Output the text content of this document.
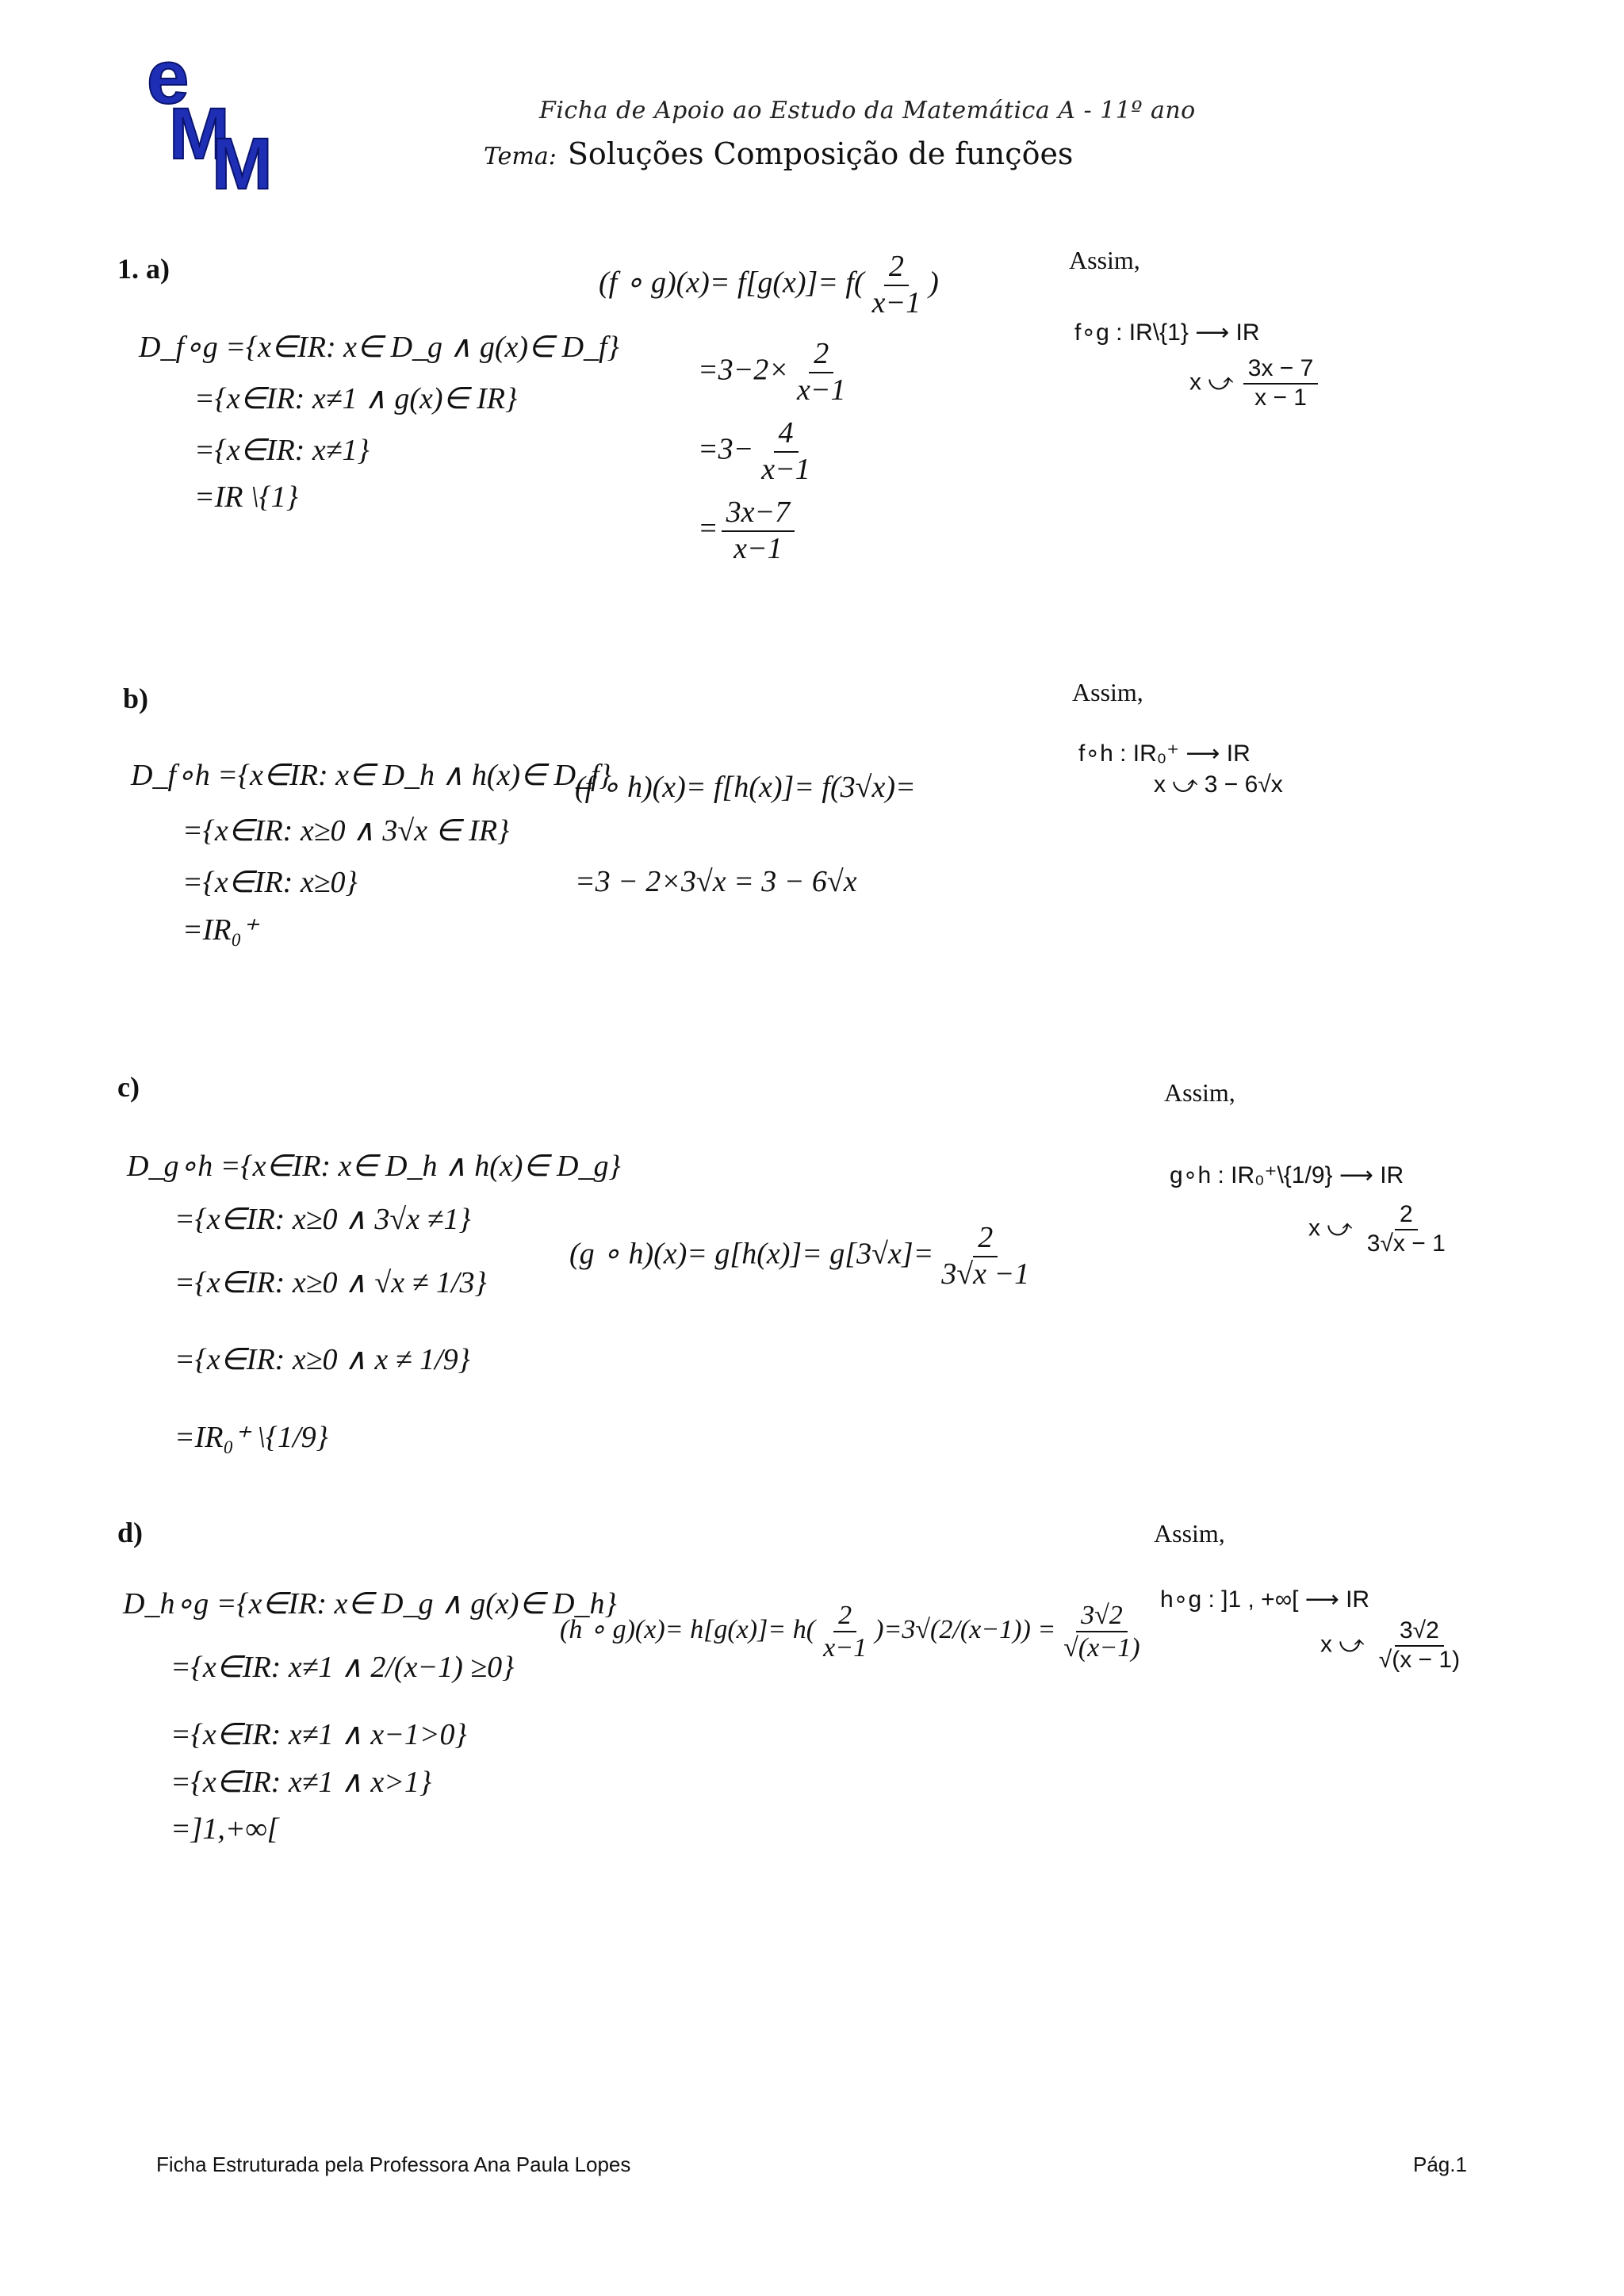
e
M
M
Ficha de Apoio ao Estudo da Matemática A - 11º ano
Tema: Soluções Composição de funções
1. a)
D_f∘g ={x∈IR: x∈ D_g ∧ g(x)∈ D_f}
={x∈IR: x≠1 ∧ g(x)∈ IR}
={x∈IR: x≠1}
=IR \{1}
(f ∘ $g)(x)= f[g(x)]= f( \frac{2}{x-1}$ )
$=3-2\times \frac{2}{x-1}$
$=3- \frac{4}{x-1}$
= $\frac{3x-7}{x-1}$
Assim,
f∘g : IR\{1} ⟶ IR
x ⤻ $\frac{3x - 7}{x - 1}$
b)
D_f∘h ={x∈IR: x∈ D_h ∧ h(x)∈ D_f}
={x∈IR: x≥0 ∧ 3√x ∈ IR}
={x∈IR: x≥0}
=IR₀⁺
(f ∘ h)(x)= f[h(x)]= f(3√x)=
=3 − 2×3√x = 3 − 6√x
Assim,
f∘h : IR₀⁺ ⟶ IR
x ⤻ 3 − 6√x
c)
D_g∘h ={x∈IR: x∈ D_h ∧ h(x)∈ D_g}
={x∈IR: x≥0 ∧ 3√x ≠1}
={x∈IR: x≥0 ∧ √x ≠ 1/3}
={x∈IR: x≥0 ∧ x ≠ 1/9}
=IR₀⁺ \{1/9}
(g ∘ $h)(x)= g[h(x)]= g[3√x]= \frac{2}{3√x -1}$
Assim,
g∘h : IR₀⁺\{1/9} ⟶ IR
x ⤻ $\frac{2}{3√x - 1}$
d)
D_h∘g ={x∈IR: x∈ D_g ∧ g(x)∈ D_h}
={x∈IR: x≠1 ∧ 2/(x−1) ≥0}
={x∈IR: x≠1 ∧ x−1>0}
={x∈IR: x≠1 ∧ x>1}
=]1,+∞[
(h ∘ $g)(x)= h[g(x)]= h( \frac{2}{x-1} )=3√(2/(x-1)) = \frac{3√2}{√(x-1)}$
Assim,
h∘g : ]1 , +∞[ ⟶ IR
x ⤻ $\frac{3√2}{√(x - 1)}$
Ficha Estruturada pela Professora Ana Paula Lopes	Pág.1
